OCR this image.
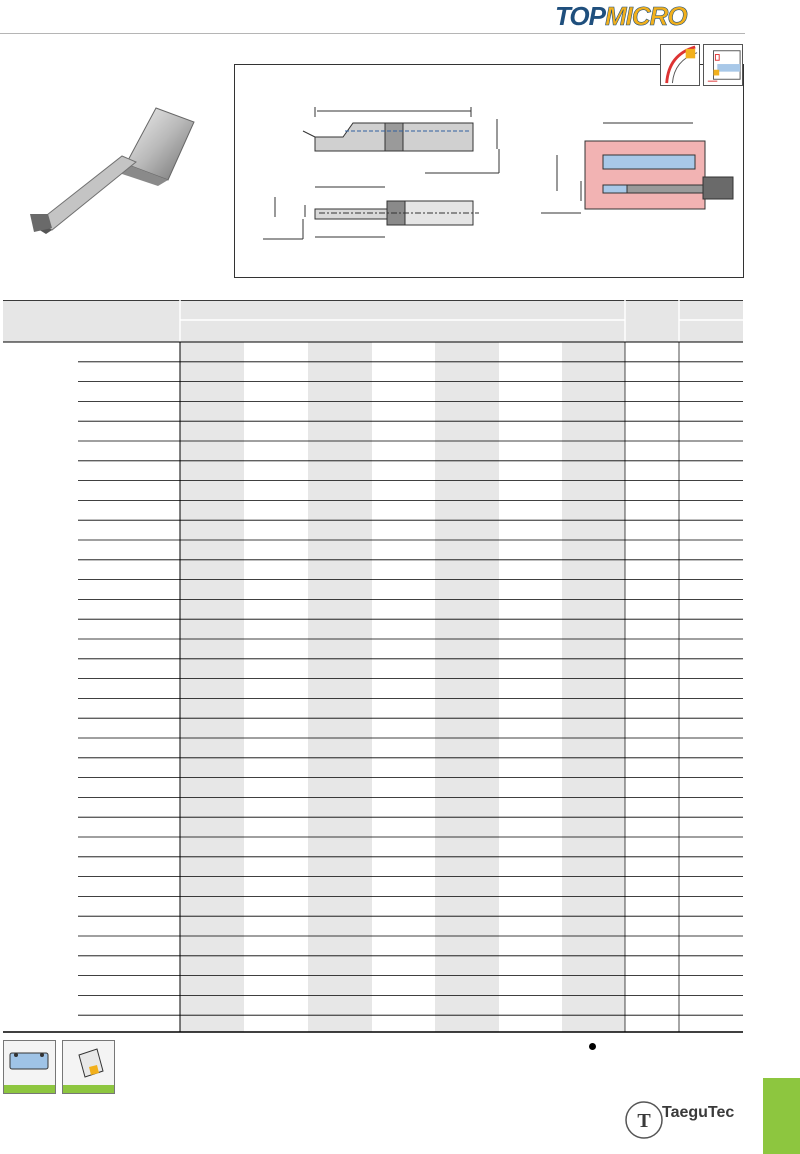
TOPMICRO
T TaeguTec
